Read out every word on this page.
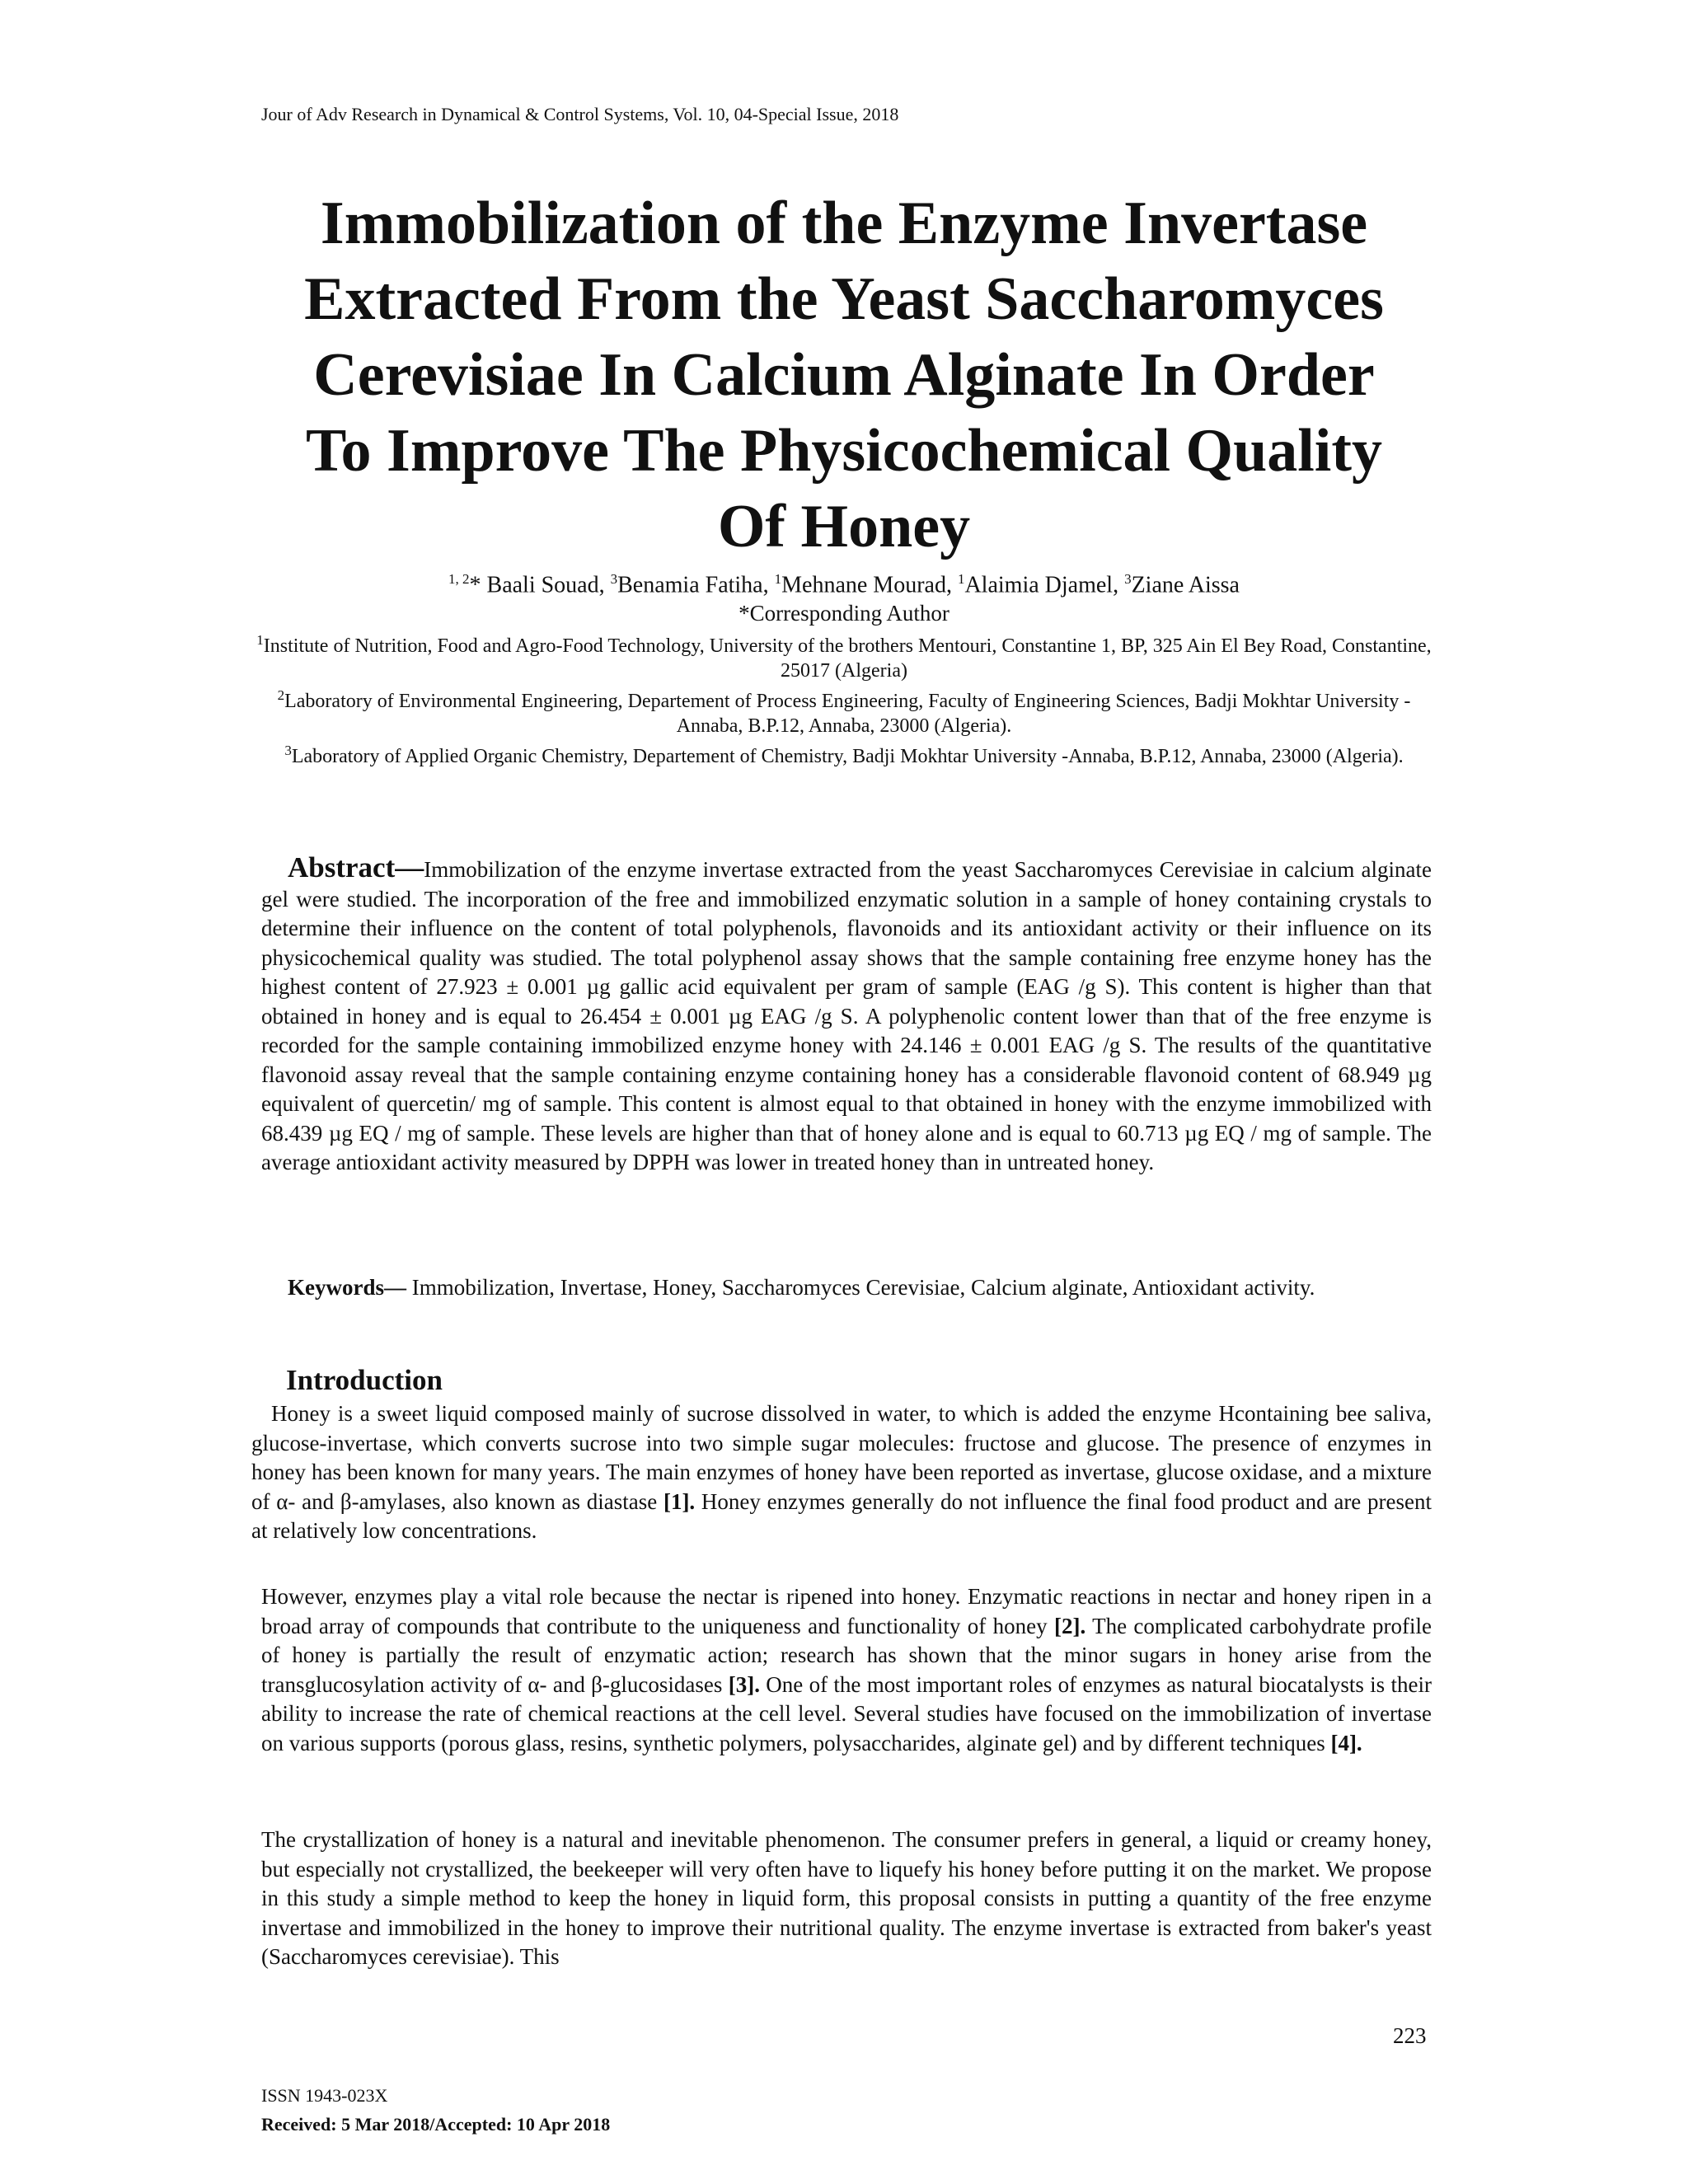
Jour of Adv Research in Dynamical & Control Systems, Vol. 10, 04-Special Issue, 2018
Immobilization of the Enzyme Invertase
Extracted From the Yeast Saccharomyces
Cerevisiae In Calcium Alginate In Order
To Improve The Physicochemical Quality
Of Honey
$^{1, 2}$* Baali Souad, $^3$Benamia Fatiha, $^1$Mehnane Mourad, $^1$Alaimia Djamel, $^3$Ziane Aissa
*Corresponding Author
$^1$Institute of Nutrition, Food and Agro-Food Technology, University of the brothers Mentouri, Constantine 1, BP, 325 Ain El Bey Road, Constantine, 25017 (Algeria)
$^2$Laboratory of Environmental Engineering, Departement of Process Engineering, Faculty of Engineering Sciences, Badji Mokhtar University -Annaba, B.P.12, Annaba, 23000 (Algeria).
$^3$Laboratory of Applied Organic Chemistry, Departement of Chemistry, Badji Mokhtar University -Annaba, B.P.12, Annaba, 23000 (Algeria).
Abstract—Immobilization of the enzyme invertase extracted from the yeast Saccharomyces Cerevisiae in calcium alginate gel were studied. The incorporation of the free and immobilized enzymatic solution in a sample of honey containing crystals to determine their influence on the content of total polyphenols, flavonoids and its antioxidant activity or their influence on its physicochemical quality was studied. The total polyphenol assay shows that the sample containing free enzyme honey has the highest content of 27.923 ± 0.001 µg gallic acid equivalent per gram of sample (EAG /g S). This content is higher than that obtained in honey and is equal to 26.454 ± 0.001 µg EAG /g S. A polyphenolic content lower than that of the free enzyme is recorded for the sample containing immobilized enzyme honey with 24.146 ± 0.001 EAG /g S. The results of the quantitative flavonoid assay reveal that the sample containing enzyme containing honey has a considerable flavonoid content of 68.949 µg equivalent of quercetin/ mg of sample. This content is almost equal to that obtained in honey with the enzyme immobilized with 68.439 µg EQ / mg of sample. These levels are higher than that of honey alone and is equal to 60.713 µg EQ / mg of sample. The average antioxidant activity measured by DPPH was lower in treated honey than in untreated honey.
Keywords— Immobilization, Invertase, Honey, Saccharomyces Cerevisiae, Calcium alginate, Antioxidant activity.
Introduction
Honey is a sweet liquid composed mainly of sucrose dissolved in water, to which is added the enzyme Hcontaining bee saliva, glucose-invertase, which converts sucrose into two simple sugar molecules: fructose and glucose. The presence of enzymes in honey has been known for many years. The main enzymes of honey have been reported as invertase, glucose oxidase, and a mixture of α- and β-amylases, also known as diastase [1]. Honey enzymes generally do not influence the final food product and are present at relatively low concentrations.
However, enzymes play a vital role because the nectar is ripened into honey. Enzymatic reactions in nectar and honey ripen in a broad array of compounds that contribute to the uniqueness and functionality of honey [2]. The complicated carbohydrate profile of honey is partially the result of enzymatic action; research has shown that the minor sugars in honey arise from the transglucosylation activity of α- and β-glucosidases [3]. One of the most important roles of enzymes as natural biocatalysts is their ability to increase the rate of chemical reactions at the cell level. Several studies have focused on the immobilization of invertase on various supports (porous glass, resins, synthetic polymers, polysaccharides, alginate gel) and by different techniques [4].
The crystallization of honey is a natural and inevitable phenomenon. The consumer prefers in general, a liquid or creamy honey, but especially not crystallized, the beekeeper will very often have to liquefy his honey before putting it on the market. We propose in this study a simple method to keep the honey in liquid form, this proposal consists in putting a quantity of the free enzyme invertase and immobilized in the honey to improve their nutritional quality. The enzyme invertase is extracted from baker's yeast (Saccharomyces cerevisiae). This
223
ISSN 1943-023X
Received: 5 Mar 2018/Accepted: 10 Apr 2018
